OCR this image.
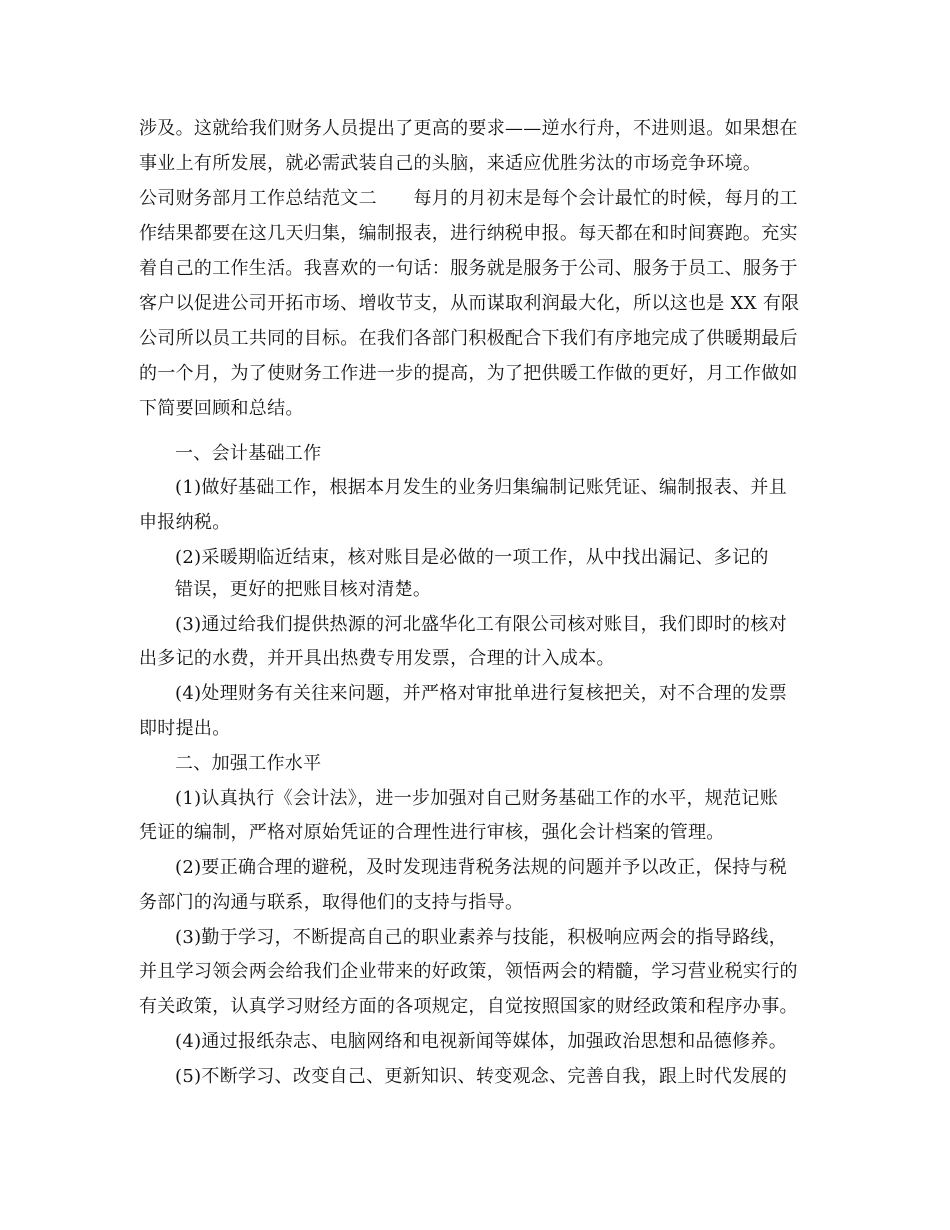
涉及。这就给我们财务人员提出了更高的要求——逆水行舟，不进则退。如果想在
事业上有所发展，就必需武装自己的头脑，来适应优胜劣汰的市场竞争环境。
公司财务部月工作总结范文二　　每月的月初末是每个会计最忙的时候，每月的工
作结果都要在这几天归集，编制报表，进行纳税申报。每天都在和时间赛跑。充实
着自己的工作生活。我喜欢的一句话：服务就是服务于公司、服务于员工、服务于
客户以促进公司开拓市场、增收节支，从而谋取利润最大化，所以这也是 XX 有限
公司所以员工共同的目标。在我们各部门积极配合下我们有序地完成了供暖期最后
的一个月，为了使财务工作进一步的提高，为了把供暖工作做的更好，月工作做如
下简要回顾和总结。
一、会计基础工作
(1)做好基础工作，根据本月发生的业务归集编制记账凭证、编制报表、并且
申报纳税。
(2)采暖期临近结束，核对账目是必做的一项工作，从中找出漏记、多记的
错误，更好的把账目核对清楚。
(3)通过给我们提供热源的河北盛华化工有限公司核对账目，我们即时的核对
出多记的水费，并开具出热费专用发票，合理的计入成本。
(4)处理财务有关往来问题，并严格对审批单进行复核把关，对不合理的发票
即时提出。
二、加强工作水平
(1)认真执行《会计法》，进一步加强对自己财务基础工作的水平，规范记账
凭证的编制，严格对原始凭证的合理性进行审核，强化会计档案的管理。
(2)要正确合理的避税，及时发现违背税务法规的问题并予以改正，保持与税
务部门的沟通与联系，取得他们的支持与指导。
(3)勤于学习，不断提高自己的职业素养与技能，积极响应两会的指导路线，
并且学习领会两会给我们企业带来的好政策，领悟两会的精髓，学习营业税实行的
有关政策，认真学习财经方面的各项规定，自觉按照国家的财经政策和程序办事。
(4)通过报纸杂志、电脑网络和电视新闻等媒体，加强政治思想和品德修养。
(5)不断学习、改变自己、更新知识、转变观念、完善自我，跟上时代发展的
